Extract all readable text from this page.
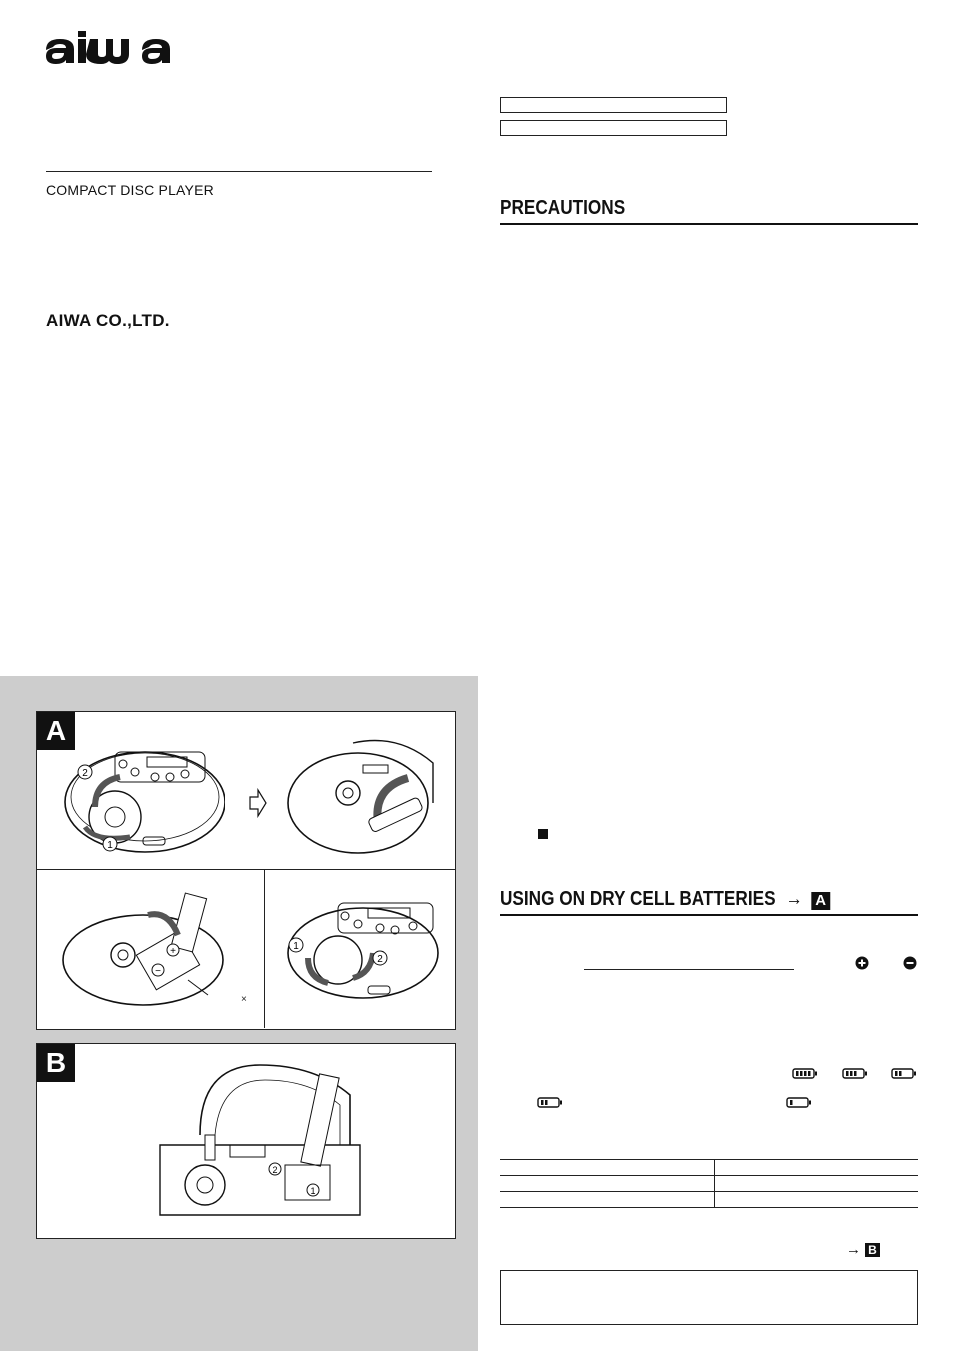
COMPACT DISC PLAYER
AIWA CO.,LTD.
PRECAUTIONS
USING ON DRY CELL BATTERIES → A
→ B
A
2
1
+
−
×
1
2
B
2
1
